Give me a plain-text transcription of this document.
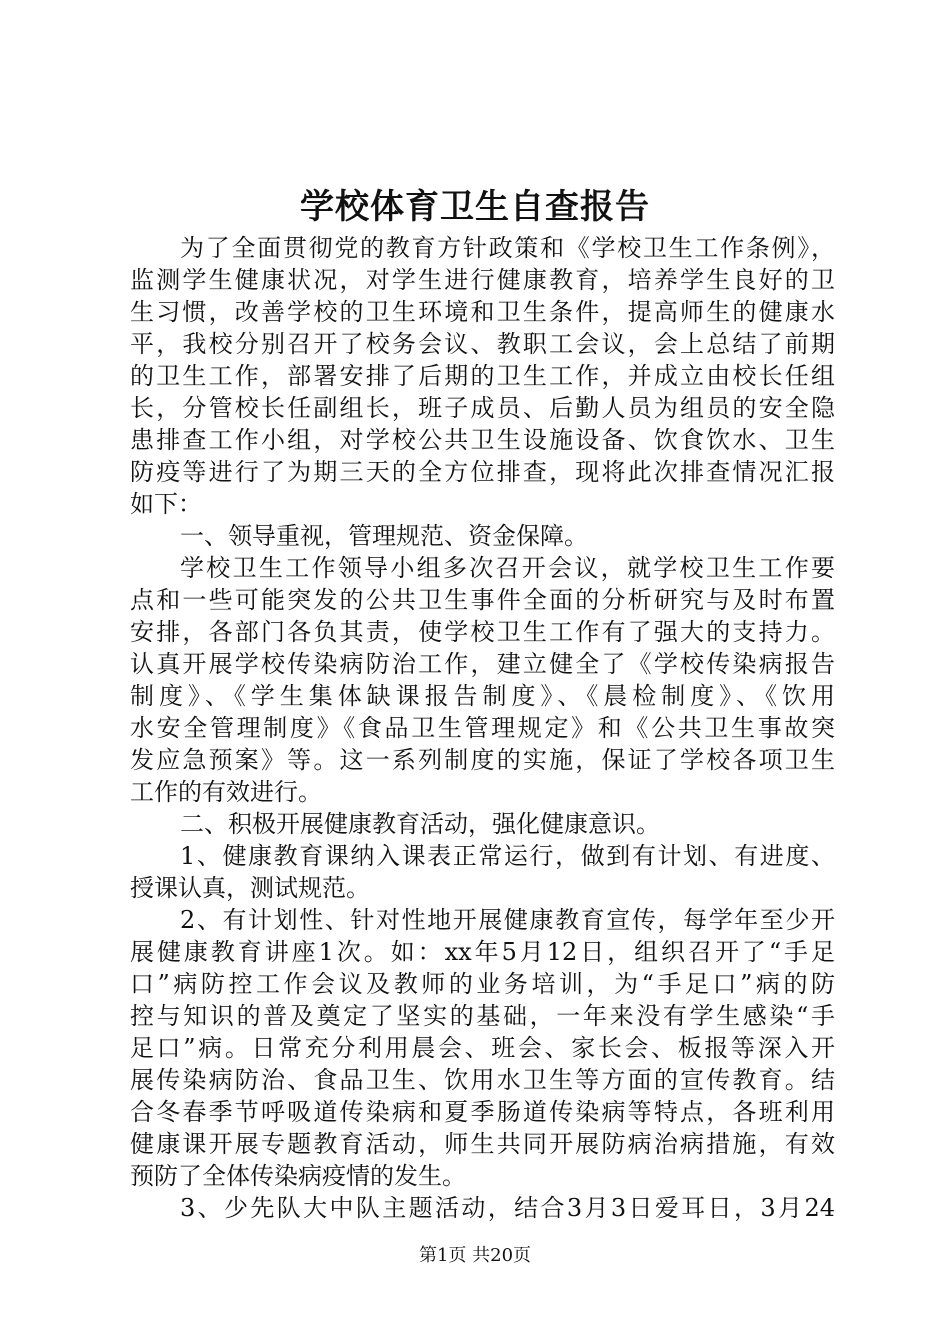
学校体育卫生自查报告
为了全面贯彻党的教育方针政策和《学校卫生工作条例》，
监测学生健康状况，对学生进行健康教育，培养学生良好的卫
生习惯，改善学校的卫生环境和卫生条件，提高师生的健康水
平，我校分别召开了校务会议、教职工会议，会上总结了前期
的卫生工作，部署安排了后期的卫生工作，并成立由校长任组
长，分管校长任副组长，班子成员、后勤人员为组员的安全隐
患排查工作小组，对学校公共卫生设施设备、饮食饮水、卫生
防疫等进行了为期三天的全方位排查，现将此次排查情况汇报
如下：
一、领导重视，管理规范、资金保障。
学校卫生工作领导小组多次召开会议，就学校卫生工作要
点和一些可能突发的公共卫生事件全面的分析研究与及时布置
安排，各部门各负其责，使学校卫生工作有了强大的支持力。
认真开展学校传染病防治工作，建立健全了《学校传染病报告
制度》、《学生集体缺课报告制度》、《晨检制度》、《饮用
水安全管理制度》《食品卫生管理规定》和《公共卫生事故突
发应急预案》等。这一系列制度的实施，保证了学校各项卫生
工作的有效进行。
二、积极开展健康教育活动，强化健康意识。
1、健康教育课纳入课表正常运行，做到有计划、有进度、
授课认真，测试规范。
2、有计划性、针对性地开展健康教育宣传，每学年至少开
展健康教育讲座1次。如：xx年5月12日，组织召开了“手足
口”病防控工作会议及教师的业务培训，为“手足口”病的防
控与知识的普及奠定了坚实的基础，一年来没有学生感染“手
足口”病。日常充分利用晨会、班会、家长会、板报等深入开
展传染病防治、食品卫生、饮用水卫生等方面的宣传教育。结
合冬春季节呼吸道传染病和夏季肠道传染病等特点，各班利用
健康课开展专题教育活动，师生共同开展防病治病措施，有效
预防了全体传染病疫情的发生。
3、少先队大中队主题活动，结合3月3日爱耳日，3月24
第1页 共20页
